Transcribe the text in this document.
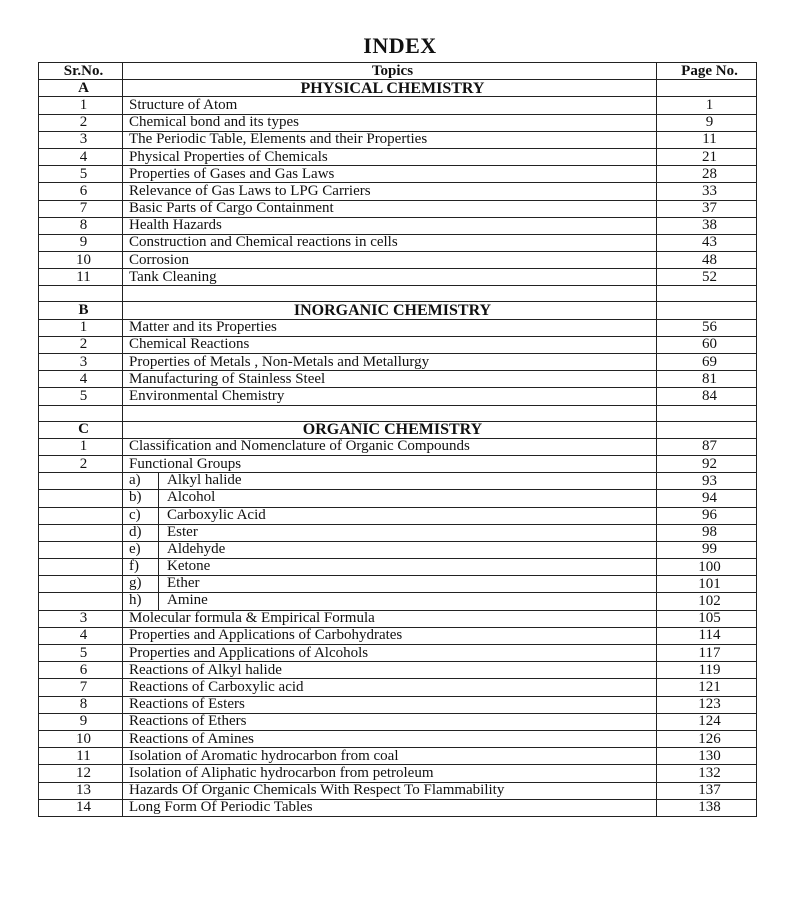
INDEX
Sr.No.	Topics	Page No.
A	PHYSICAL CHEMISTRY	
1	Structure of Atom	1
2	Chemical bond and its types	9
3	The Periodic Table, Elements and their Properties	11
4	Physical Properties of Chemicals	21
5	Properties of Gases and Gas Laws	28
6	Relevance of Gas Laws to LPG Carriers	33
7	Basic Parts of Cargo Containment	37
8	Health Hazards	38
9	Construction and Chemical reactions in cells	43
10	Corrosion	48
11	Tank Cleaning	52

B	INORGANIC CHEMISTRY	
1	Matter and its Properties	56
2	Chemical Reactions	60
3	Properties of Metals , Non-Metals and Metallurgy	69
4	Manufacturing of Stainless Steel	81
5	Environmental Chemistry	84

C	ORGANIC CHEMISTRY	
1	Classification and Nomenclature of Organic Compounds	87
2	Functional Groups	92

	a) Alkyl halide	93

	b) Alcohol	94

	c) Carboxylic Acid	96

	d) Ester	98

	e) Aldehyde	99

	f) Ketone	100

	g) Ether	101

	h) Amine	102
3	Molecular formula & Empirical Formula	105
4	Properties and Applications of Carbohydrates	114
5	Properties and Applications of Alcohols	117
6	Reactions of Alkyl halide	119
7	Reactions of Carboxylic acid	121
8	Reactions of Esters	123
9	Reactions of Ethers	124
10	Reactions of Amines	126
11	Isolation of Aromatic hydrocarbon from coal	130
12	Isolation of Aliphatic hydrocarbon from petroleum	132
13	Hazards Of Organic Chemicals With Respect To Flammability	137
14	Long Form Of Periodic Tables	138
